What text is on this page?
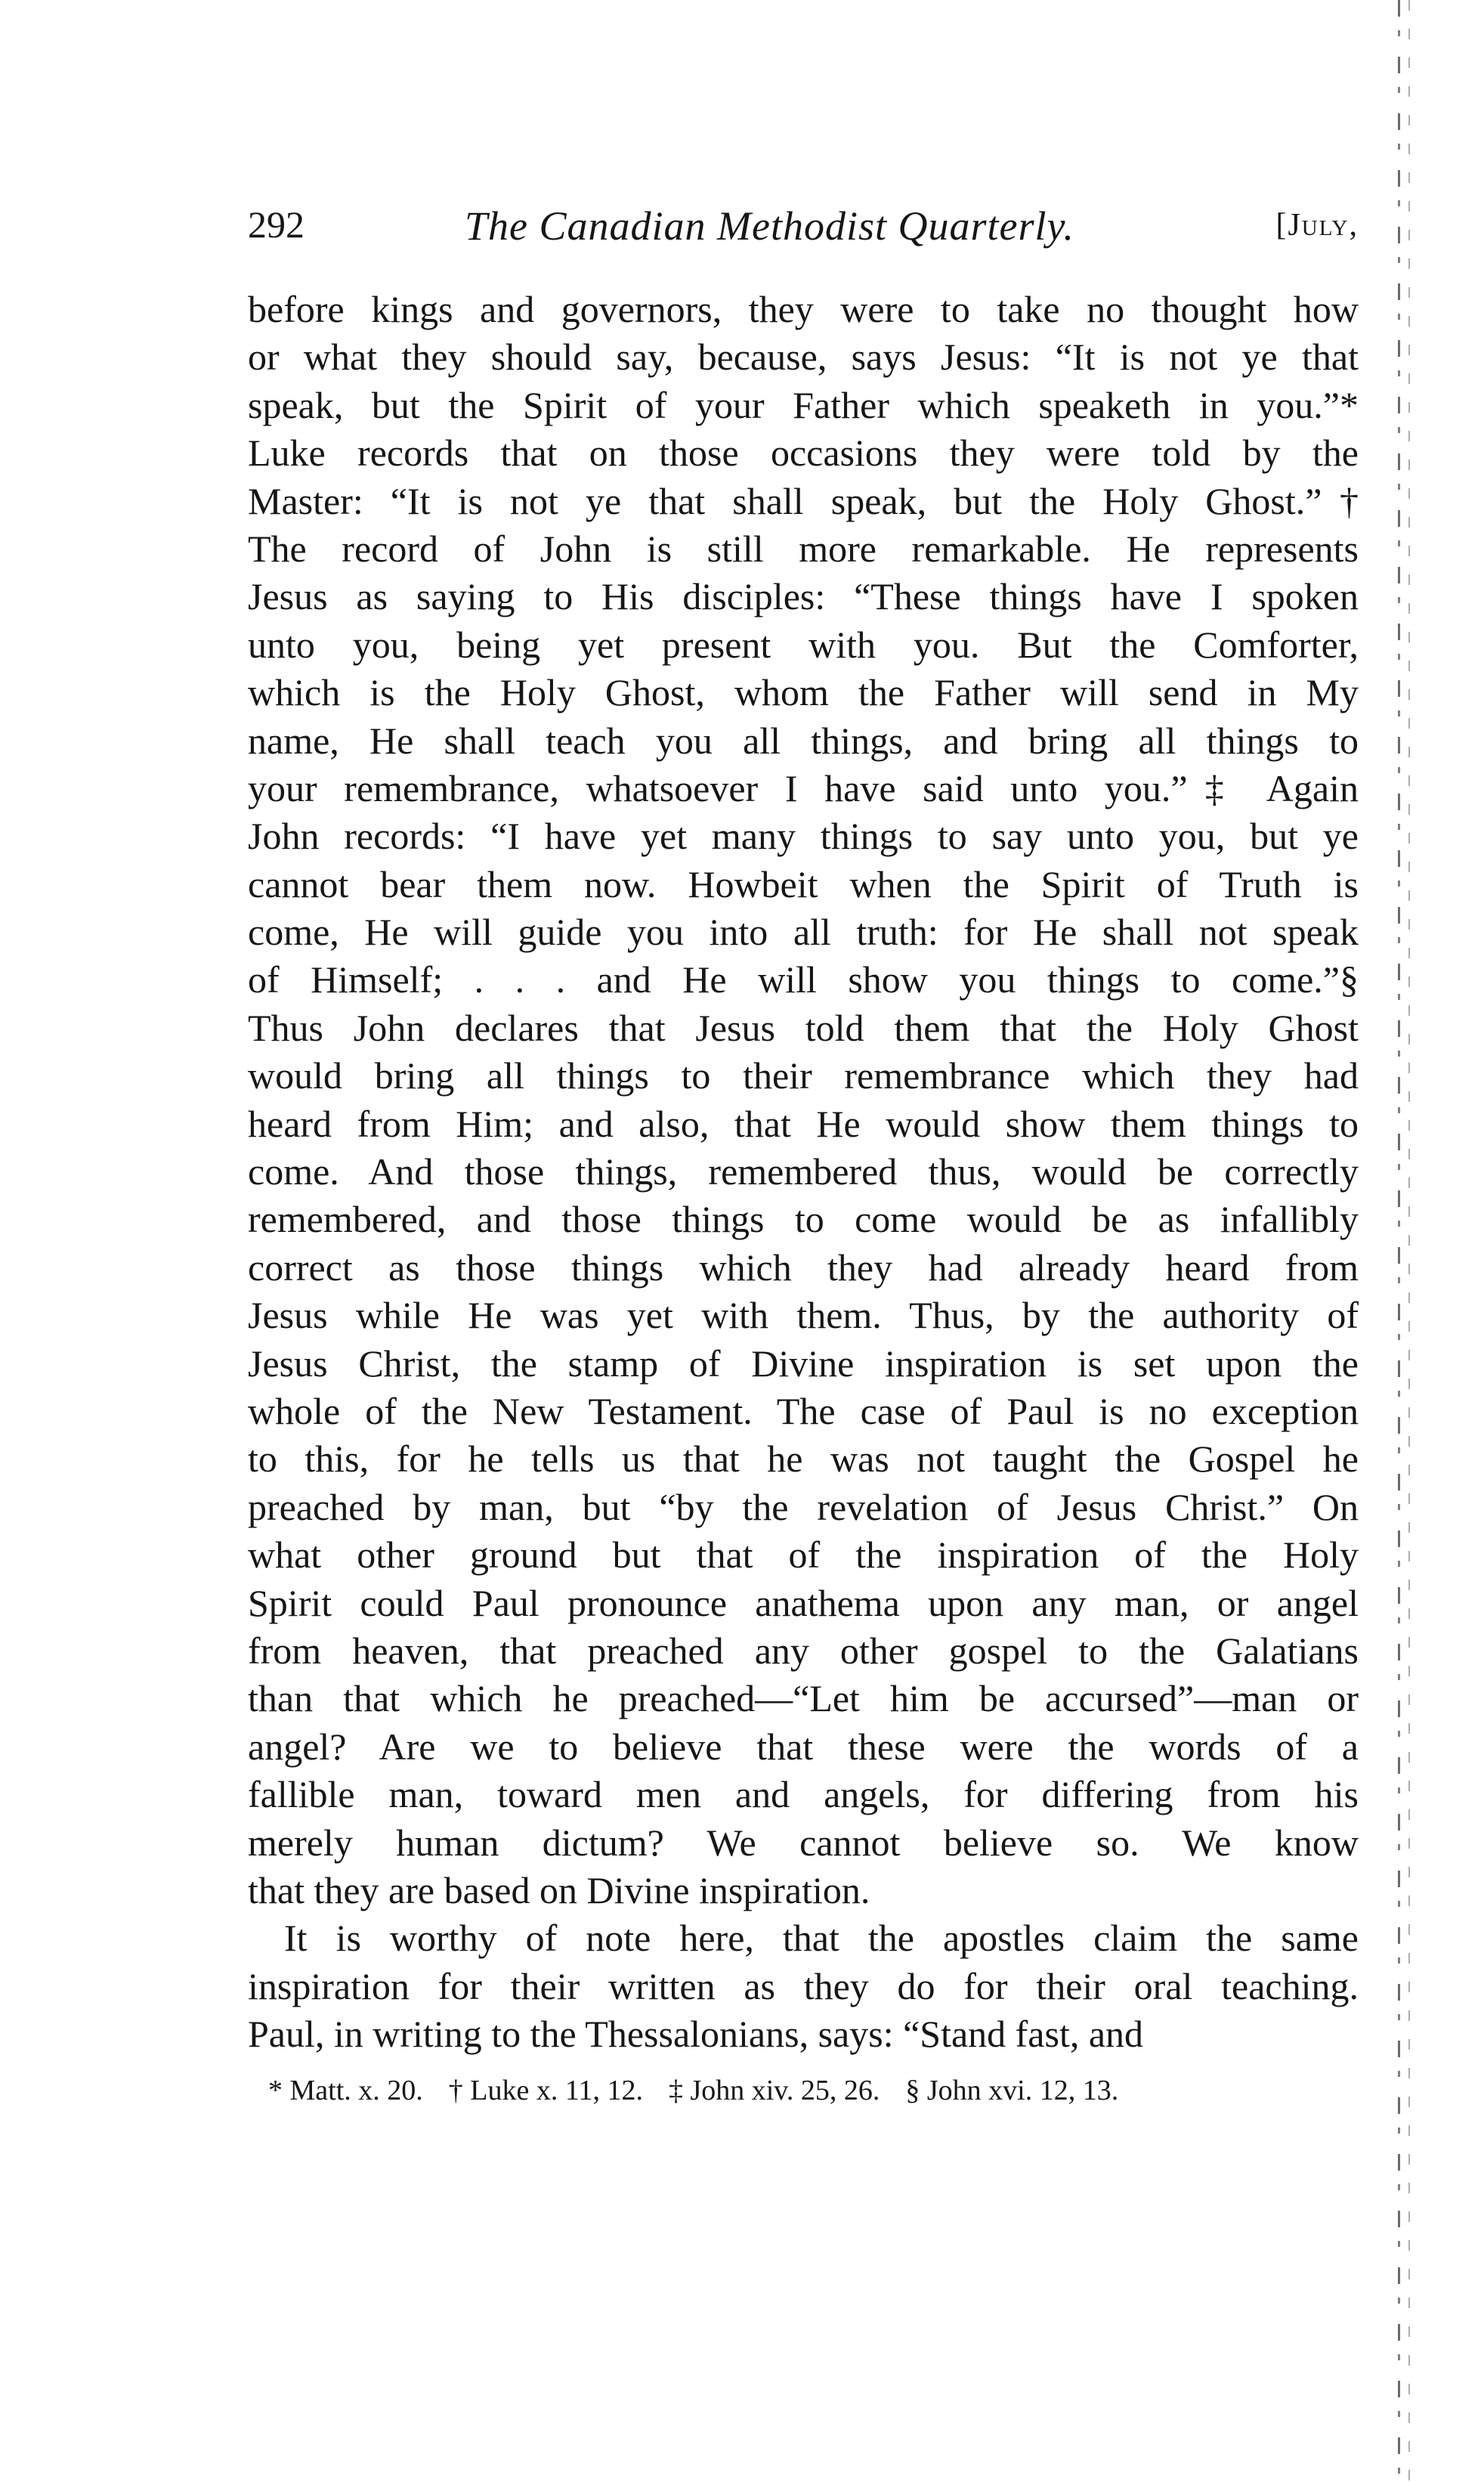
292	The Canadian Methodist Quarterly.	[July,
before kings and governors, they were to take no thought how
or what they should say, because, says Jesus: “It is not ye that
speak, but the Spirit of your Father which speaketh in you.”*
Luke records that on those occasions they were told by the
Master: “It is not ye that shall speak, but the Holy Ghost.”†
The record of John is still more remarkable. He represents
Jesus as saying to His disciples: “These things have I spoken
unto you, being yet present with you. But the Comforter,
which is the Holy Ghost, whom the Father will send in My
name, He shall teach you all things, and bring all things to
your remembrance, whatsoever I have said unto you.”‡ Again
John records: “I have yet many things to say unto you, but ye
cannot bear them now. Howbeit when the Spirit of Truth is
come, He will guide you into all truth: for He shall not speak
of Himself; . . . and He will show you things to come.”§
Thus John declares that Jesus told them that the Holy Ghost
would bring all things to their remembrance which they had
heard from Him; and also, that He would show them things to
come. And those things, remembered thus, would be correctly
remembered, and those things to come would be as infallibly
correct as those things which they had already heard from
Jesus while He was yet with them. Thus, by the authority of
Jesus Christ, the stamp of Divine inspiration is set upon the
whole of the New Testament. The case of Paul is no exception
to this, for he tells us that he was not taught the Gospel he
preached by man, but “by the revelation of Jesus Christ.” On
what other ground but that of the inspiration of the Holy
Spirit could Paul pronounce anathema upon any man, or angel
from heaven, that preached any other gospel to the Galatians
than that which he preached—“Let him be accursed”—man or
angel? Are we to believe that these were the words of a
fallible man, toward men and angels, for differing from his
merely human dictum? We cannot believe so. We know
that they are based on Divine inspiration.
It is worthy of note here, that the apostles claim the same
inspiration for their written as they do for their oral teaching.
Paul, in writing to the Thessalonians, says: “Stand fast, and
* Matt. x. 20. † Luke x. 11, 12. ‡ John xiv. 25, 26. § John xvi. 12, 13.
